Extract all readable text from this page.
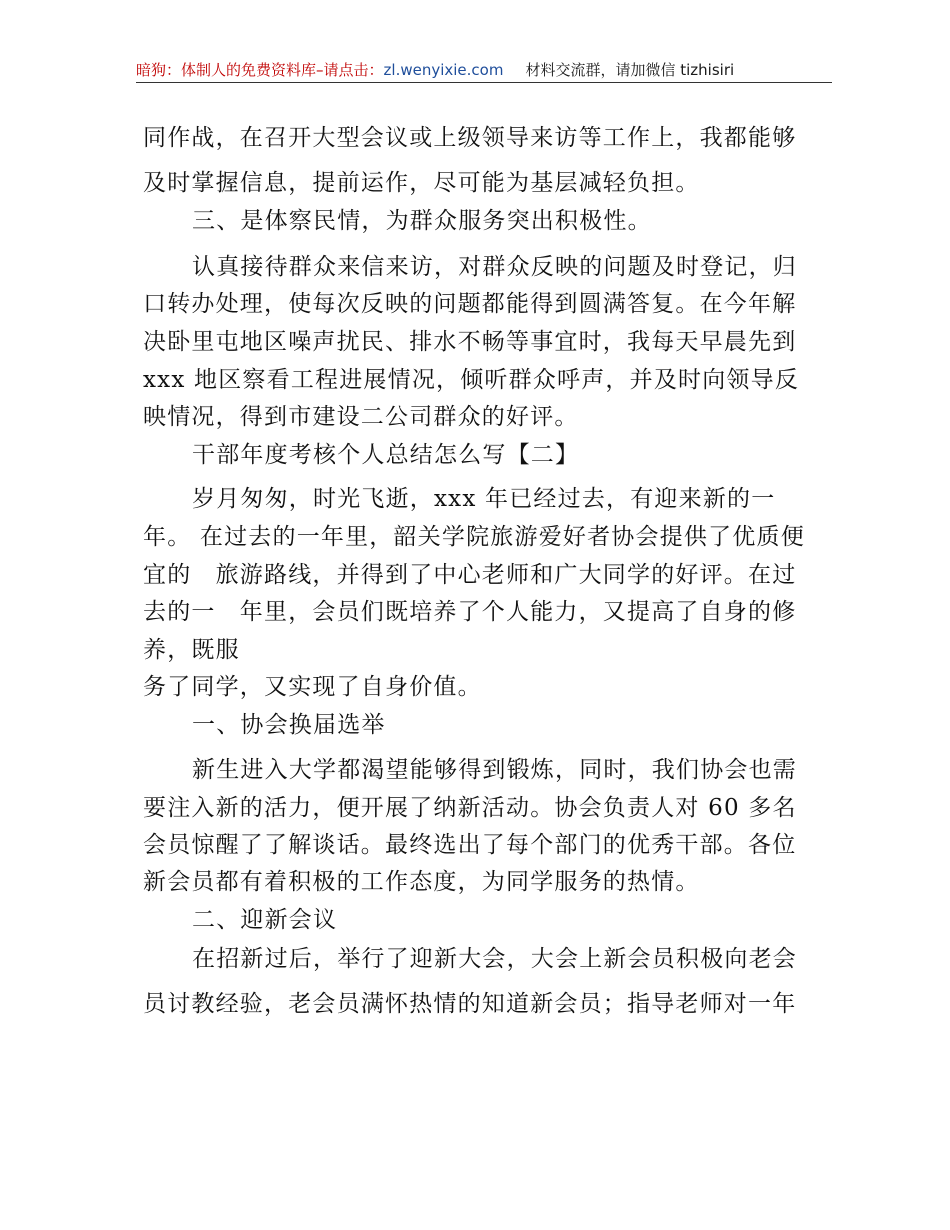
暗狗：体制人的免费资料库–请点击：zl.wenyixie.com 材料交流群，请加微信 tizhisiri
同作战，在召开大型会议或上级领导来访等工作上，我都能够
及时掌握信息，提前运作，尽可能为基层减轻负担。
三、是体察民情，为群众服务突出积极性。
认真接待群众来信来访，对群众反映的问题及时登记，归
口转办处理，使每次反映的问题都能得到圆满答复。在今年解
决卧里屯地区噪声扰民、排水不畅等事宜时，我每天早晨先到
xxx 地区察看工程进展情况，倾听群众呼声，并及时向领导反
映情况，得到市建设二公司群众的好评。
干部年度考核个人总结怎么写【二】
岁月匆匆，时光飞逝，xxx 年已经过去，有迎来新的一
年。 在过去的一年里，韶关学院旅游爱好者协会提供了优质便
宜的　旅游路线，并得到了中心老师和广大同学的好评。在过
去的一　年里，会员们既培养了个人能力，又提高了自身的修
养，既服
务了同学，又实现了自身价值。
一、协会换届选举
新生进入大学都渴望能够得到锻炼，同时，我们协会也需
要注入新的活力，便开展了纳新活动。协会负责人对 60 多名
会员惊醒了了解谈话。最终选出了每个部门的优秀干部。各位
新会员都有着积极的工作态度，为同学服务的热情。
二、迎新会议
在招新过后，举行了迎新大会，大会上新会员积极向老会
员讨教经验，老会员满怀热情的知道新会员；指导老师对一年
